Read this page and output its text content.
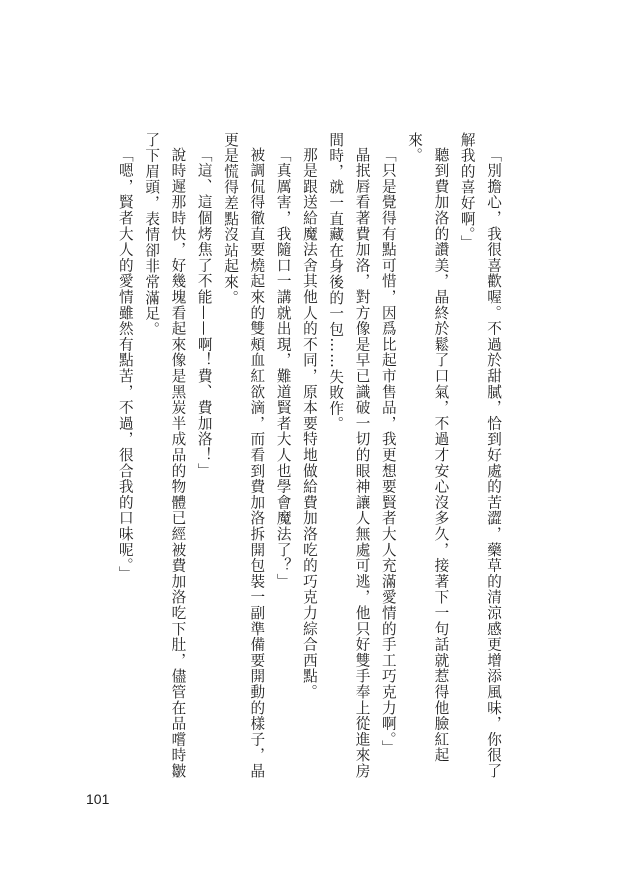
「別擔心，我很喜歡喔。不過於甜膩，恰到好處的苦澀，藥草的清涼感更增添風味，你很了解我的喜好啊。」

聽到費加洛的讚美，晶終於鬆了口氣，不過才安心沒多久，接著下一句話就惹得他臉紅起來。

「只是覺得有點可惜，因爲比起市售品，我更想要賢者大人充滿愛情的手工巧克力啊。」

晶抿唇看著費加洛，對方像是早已識破一切的眼神讓人無處可逃，他只好雙手奉上從進來房間時，就一直藏在身後的一包……失敗作。

那是跟送給魔法舍其他人的不同，原本要特地做給費加洛吃的巧克力綜合西點。

「真厲害，我隨口一講就出現，難道賢者大人也學會魔法了？」

被調侃得徹直要燒起來的雙頰血紅欲滴，而看到費加洛拆開包裝一副準備要開動的樣子，晶更是慌得差點沒站起來。

「這、這個烤焦了不能——啊！費、費加洛！」

說時遲那時快，好幾塊看起來像是黑炭半成品的物體已經被費加洛吃下肚，儘管在品嚐時皺了下眉頭，表情卻非常滿足。

「嗯，賢者大人的愛情雖然有點苦，不過，很合我的口味呢。」

101
